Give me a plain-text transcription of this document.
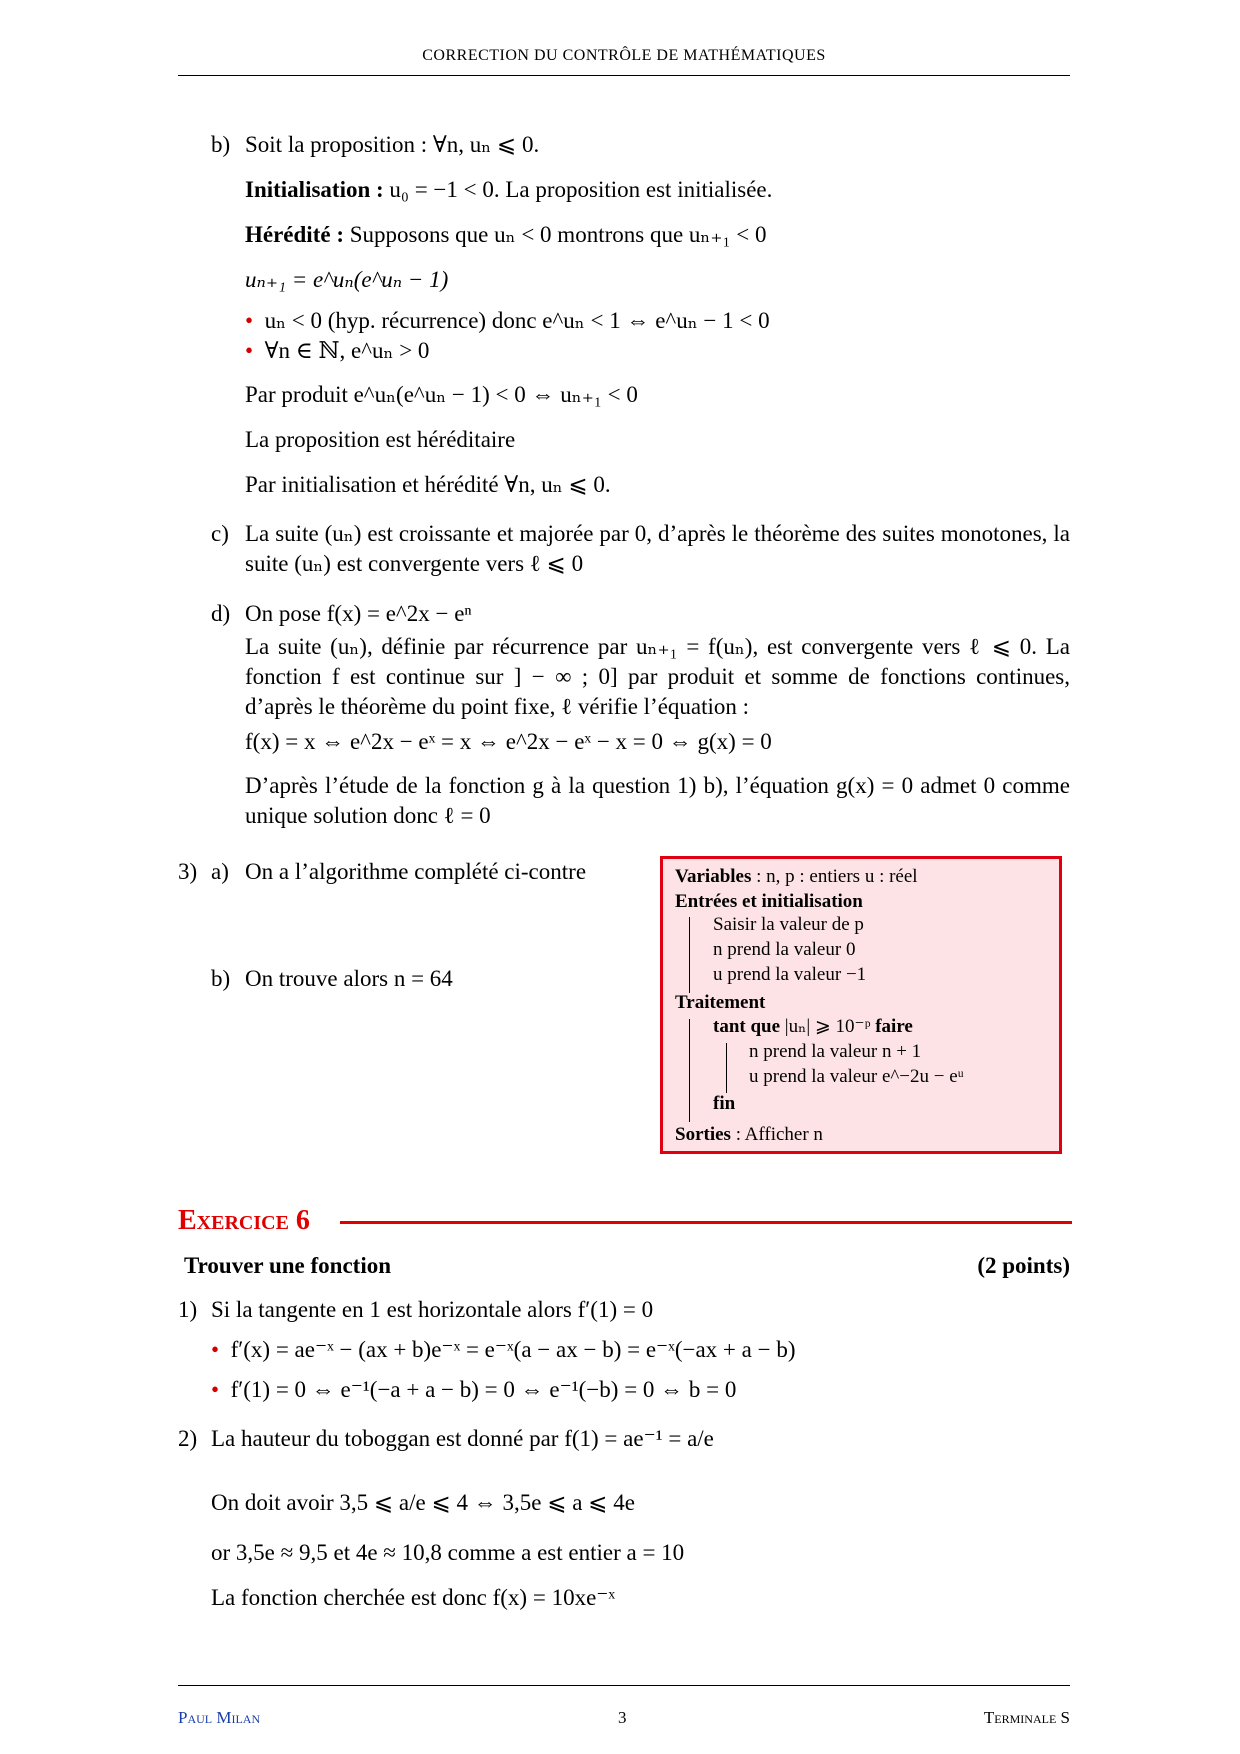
CORRECTION DU CONTRÔLE DE MATHÉMATIQUES
b) Soit la proposition : ∀n, uₙ ⩽ 0.
Initialisation : u₀ = −1 < 0. La proposition est initialisée.
Hérédité : Supposons que uₙ < 0 montrons que uₙ₊₁ < 0
uₙ₊₁ = e^uₙ(e^uₙ − 1)
• uₙ < 0 (hyp. récurrence) donc e^uₙ < 1 ⇔ e^uₙ − 1 < 0
• ∀n ∈ ℕ, e^uₙ > 0
Par produit e^uₙ(e^uₙ − 1) < 0 ⇔ uₙ₊₁ < 0
La proposition est héréditaire
Par initialisation et hérédité ∀n, uₙ ⩽ 0.
c) La suite (uₙ) est croissante et majorée par 0, d’après le théorème des suites monotones, la suite (uₙ) est convergente vers ℓ ⩽ 0
d) On pose f(x) = e^2x − eⁿ
La suite (uₙ), définie par récurrence par uₙ₊₁ = f(uₙ), est convergente vers ℓ ⩽ 0. La fonction f est continue sur ] − ∞ ; 0] par produit et somme de fonctions continues, d’après le théorème du point fixe, ℓ vérifie l’équation :
f(x) = x ⇔ e^2x − eˣ = x ⇔ e^2x − eˣ − x = 0 ⇔ g(x) = 0
D’après l’étude de la fonction g à la question 1) b), l’équation g(x) = 0 admet 0 comme unique solution donc ℓ = 0
3) a) On a l’algorithme complété ci-contre
b) On trouve alors n = 64
Variables : n, p : entiers u : réel
Entrées et initialisation
Saisir la valeur de p
n prend la valeur 0
u prend la valeur −1
Traitement
tant que |uₙ| ⩾ 10⁻ᵖ faire
n prend la valeur n + 1
u prend la valeur e^−2u − eᵘ
fin
Sorties : Afficher n
Exercice 6
Trouver une fonction	(2 points)
1) Si la tangente en 1 est horizontale alors f′(1) = 0
• f′(x) = ae⁻ˣ − (ax + b)e⁻ˣ = e⁻ˣ(a − ax − b) = e⁻ˣ(−ax + a − b)
• f′(1) = 0 ⇔ e⁻¹(−a + a − b) = 0 ⇔ e⁻¹(−b) = 0 ⇔ b = 0
2) La hauteur du toboggan est donné par f(1) = ae⁻¹ = a/e
On doit avoir 3,5 ⩽ a/e ⩽ 4 ⇔ 3,5e ⩽ a ⩽ 4e
or 3,5e ≈ 9,5 et 4e ≈ 10,8 comme a est entier a = 10
La fonction cherchée est donc f(x) = 10xe⁻ˣ
Paul Milan	3	Terminale S
